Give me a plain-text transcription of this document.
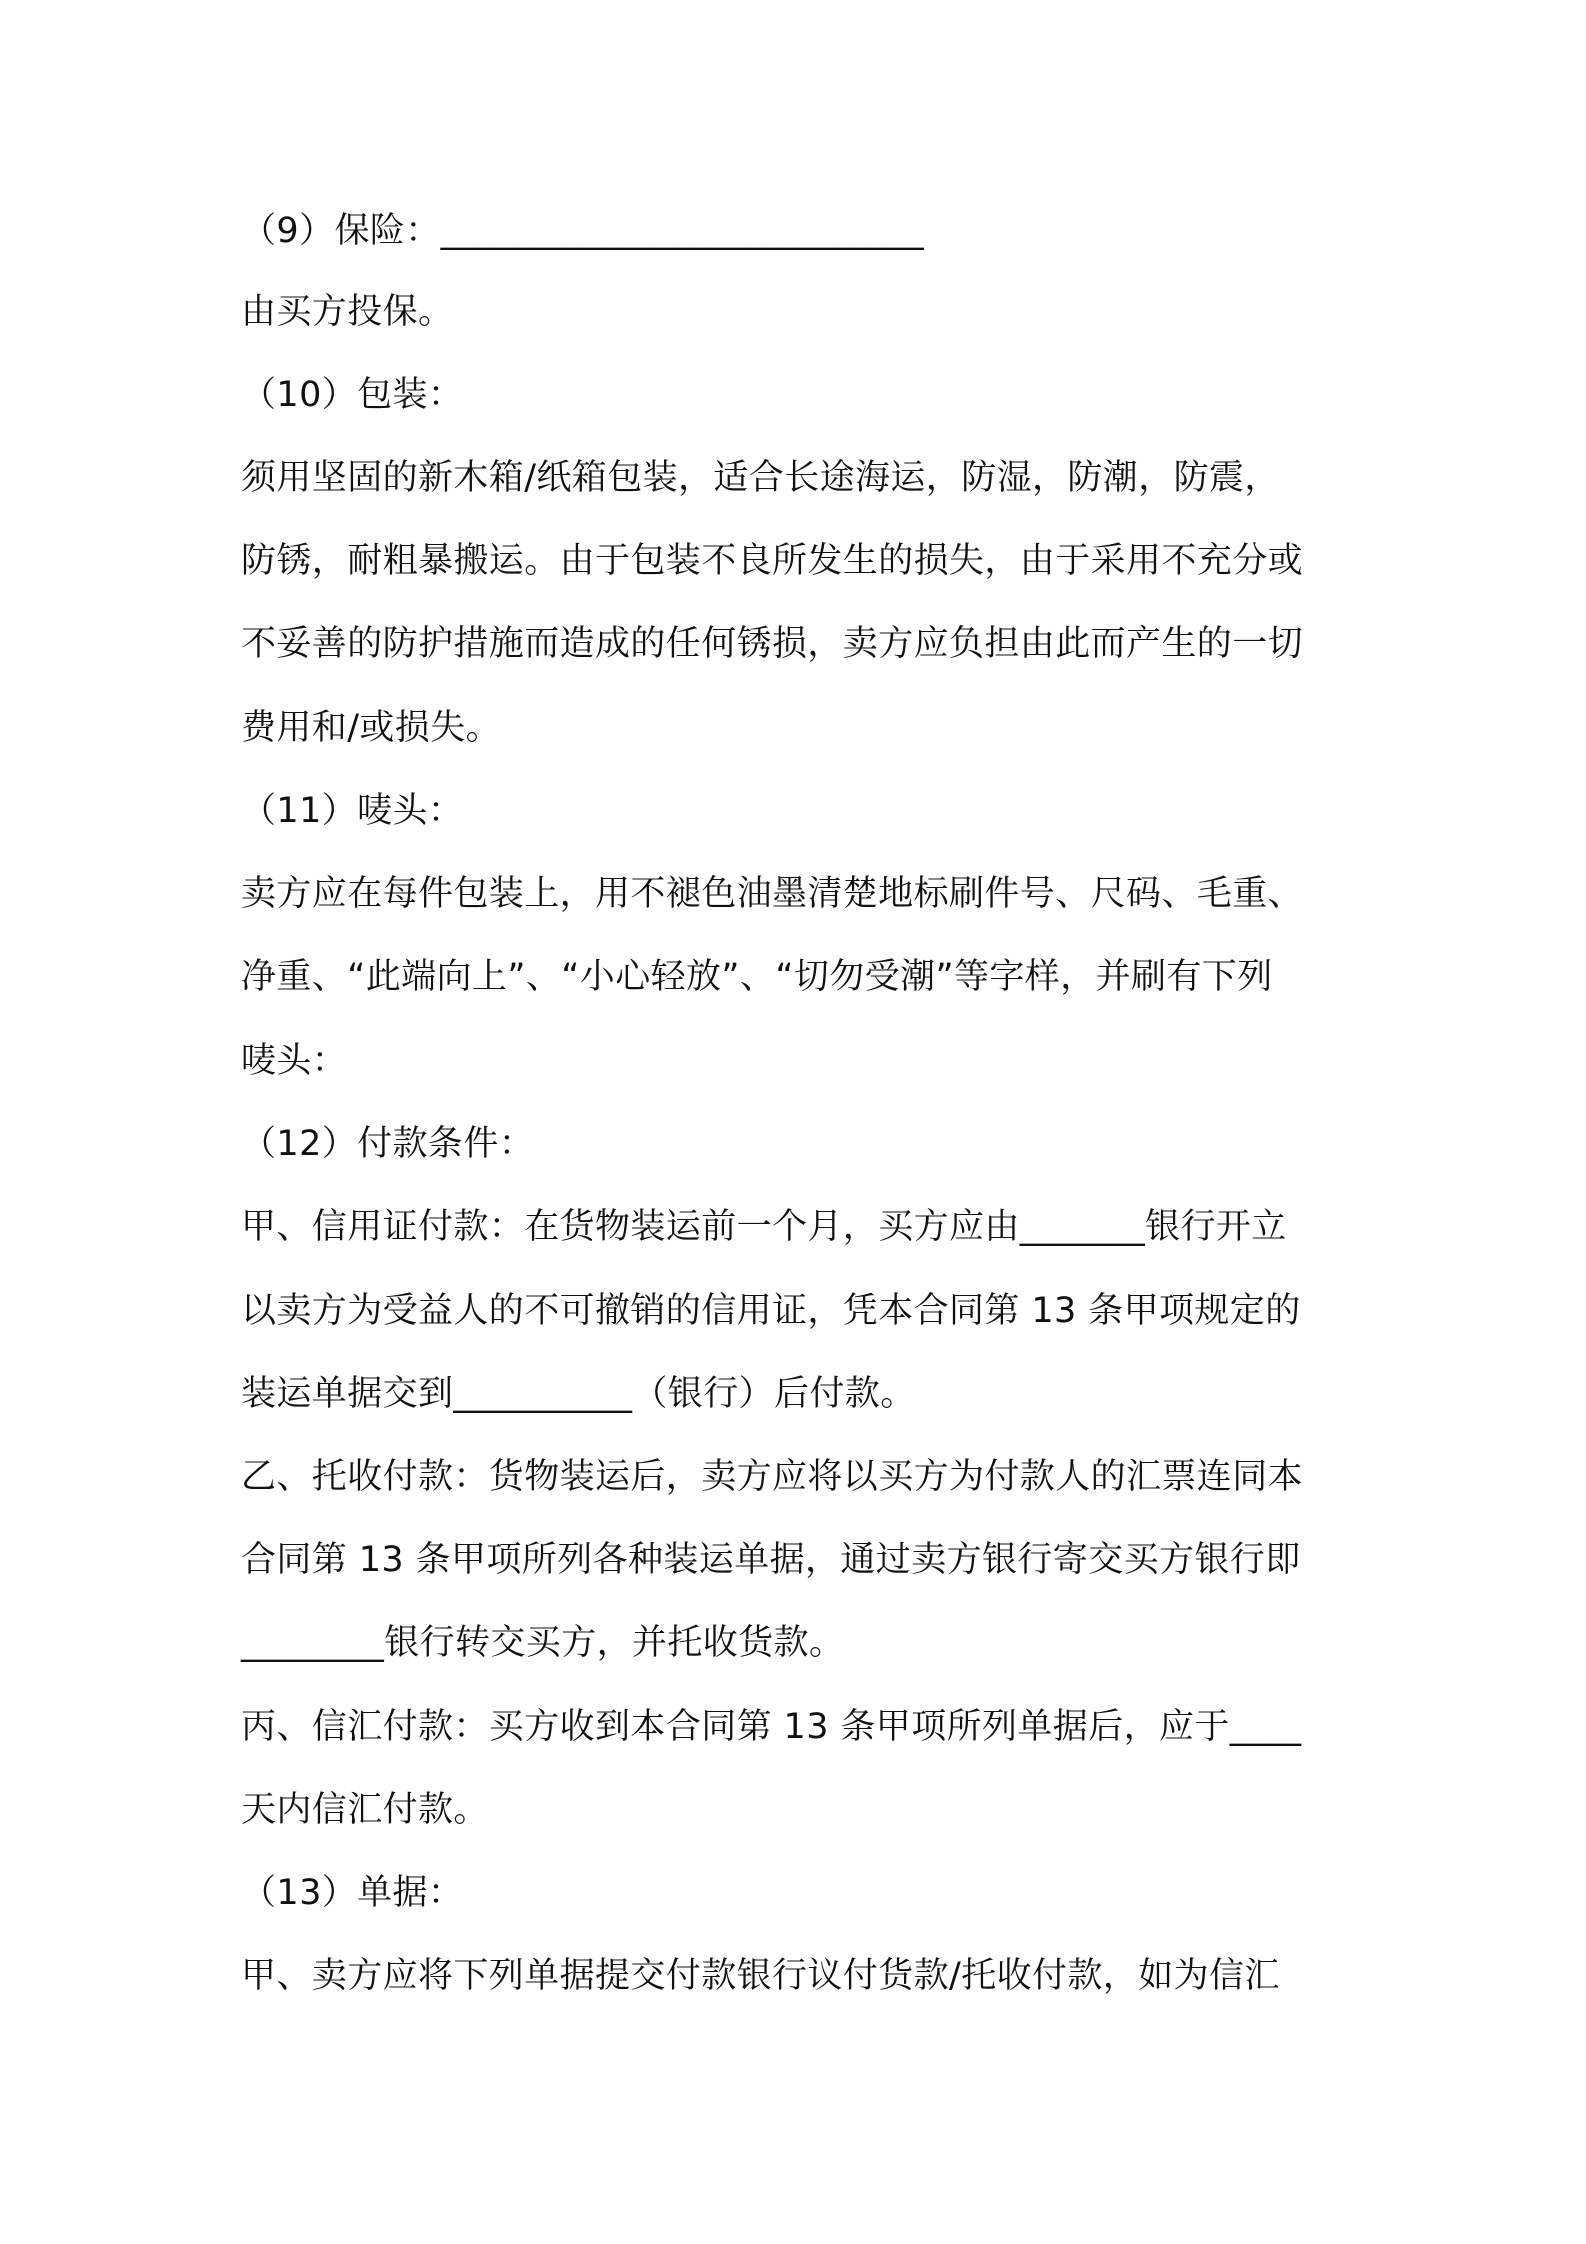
（9）保险：___________________________
由买方投保。
（10）包装：
须用坚固的新木箱/纸箱包装，适合长途海运，防湿，防潮，防震，
防锈，耐粗暴搬运。由于包装不良所发生的损失，由于采用不充分或
不妥善的防护措施而造成的任何锈损，卖方应负担由此而产生的一切
费用和/或损失。
（11）唛头：
卖方应在每件包装上，用不褪色油墨清楚地标刷件号、尺码、毛重、
净重、“此端向上”、“小心轻放”、“切勿受潮”等字样，并刷有下列
唛头：
（12）付款条件：
甲、信用证付款：在货物装运前一个月，买方应由_______银行开立
以卖方为受益人的不可撤销的信用证，凭本合同第 13 条甲项规定的
装运单据交到__________（银行）后付款。
乙、托收付款：货物装运后，卖方应将以买方为付款人的汇票连同本
合同第 13 条甲项所列各种装运单据，通过卖方银行寄交买方银行即
________银行转交买方，并托收货款。
丙、信汇付款：买方收到本合同第 13 条甲项所列单据后，应于____
天内信汇付款。
（13）单据：
甲、卖方应将下列单据提交付款银行议付货款/托收付款，如为信汇
